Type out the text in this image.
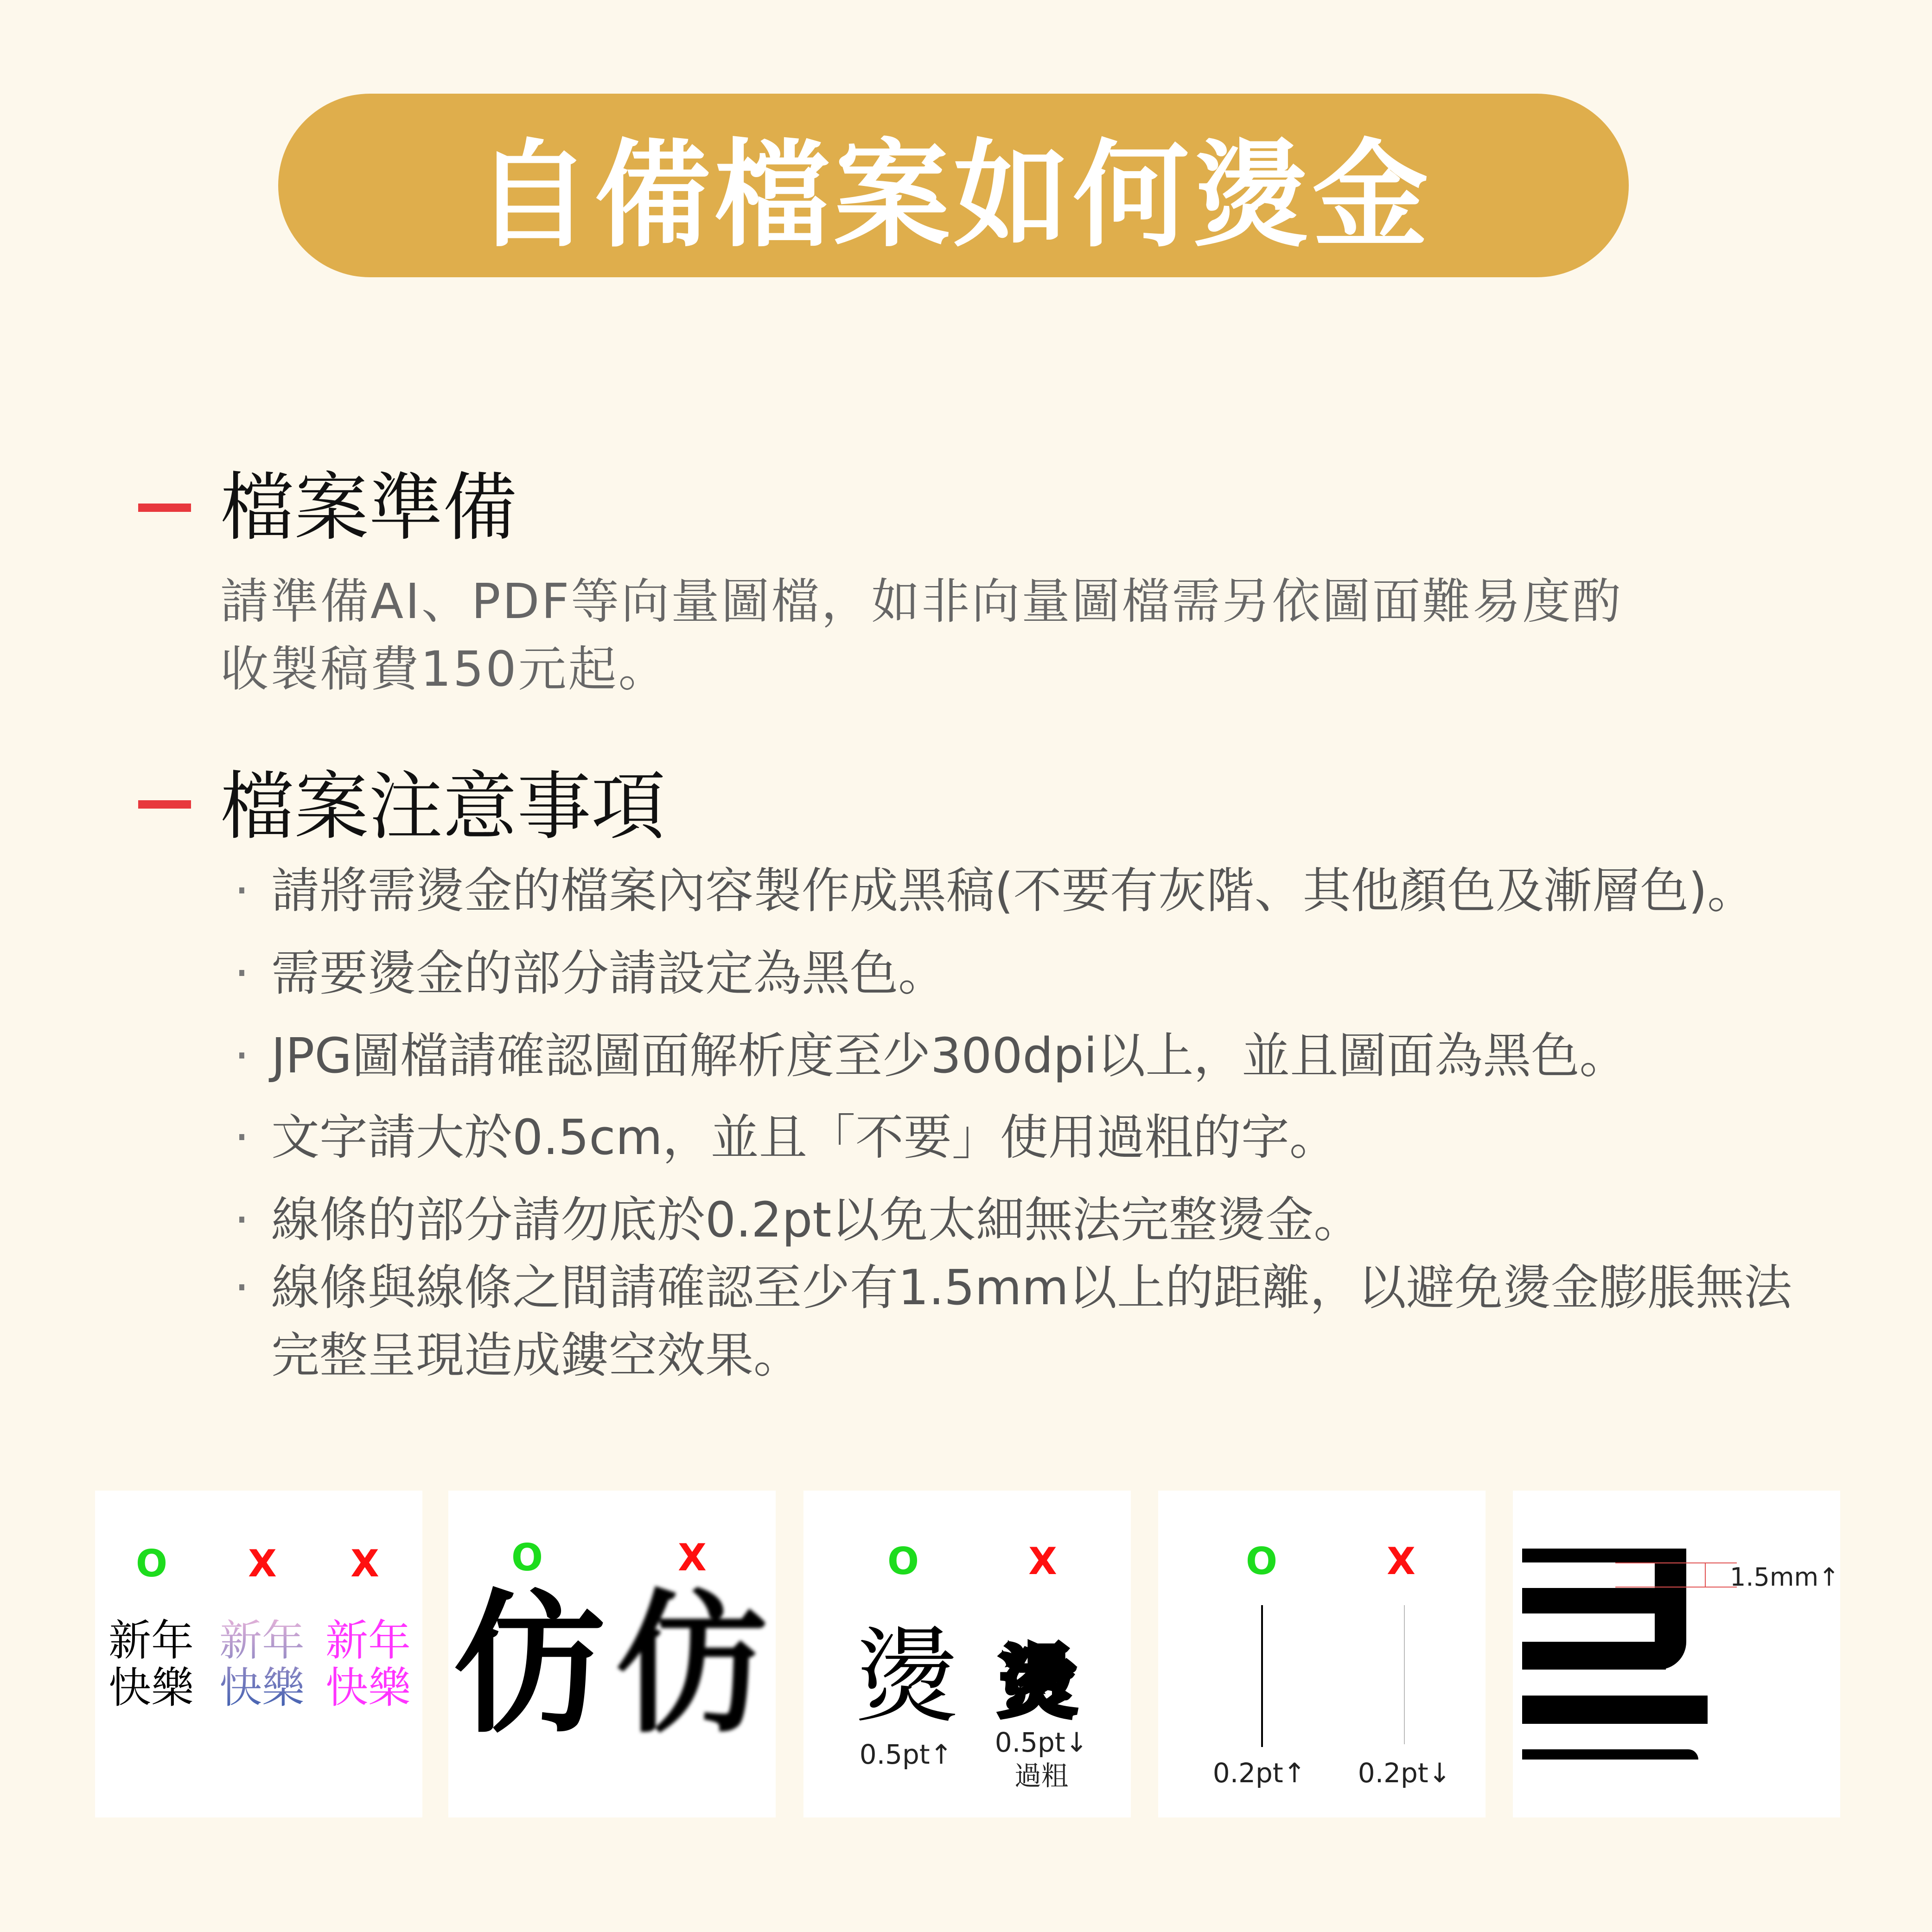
自備檔案如何燙金
檔案準備
請準備AI、PDF等向量圖檔，如非向量圖檔需另依圖面難易度酌
收製稿費150元起。
檔案注意事項
· 請將需燙金的檔案內容製作成黑稿(不要有灰階、其他顏色及漸層色)。
· 需要燙金的部分請設定為黑色。
· JPG圖檔請確認圖面解析度至少300dpi以上，並且圖面為黑色。
· 文字請大於0.5cm，並且「不要」使用過粗的字。
· 線條的部分請勿底於0.2pt以免太細無法完整燙金。
· 線條與線條之間請確認至少有1.5mm以上的距離，以避免燙金膨脹無法
完整呈現造成鏤空效果。
O X X
新年
快樂
新年
快樂
新年
快樂
O	X
仿 仿
O	X
燙 燙
0.5pt↑ 0.5pt↓
過粗
O	X
0.2pt↑ 0.2pt↓
1.5mm↑
